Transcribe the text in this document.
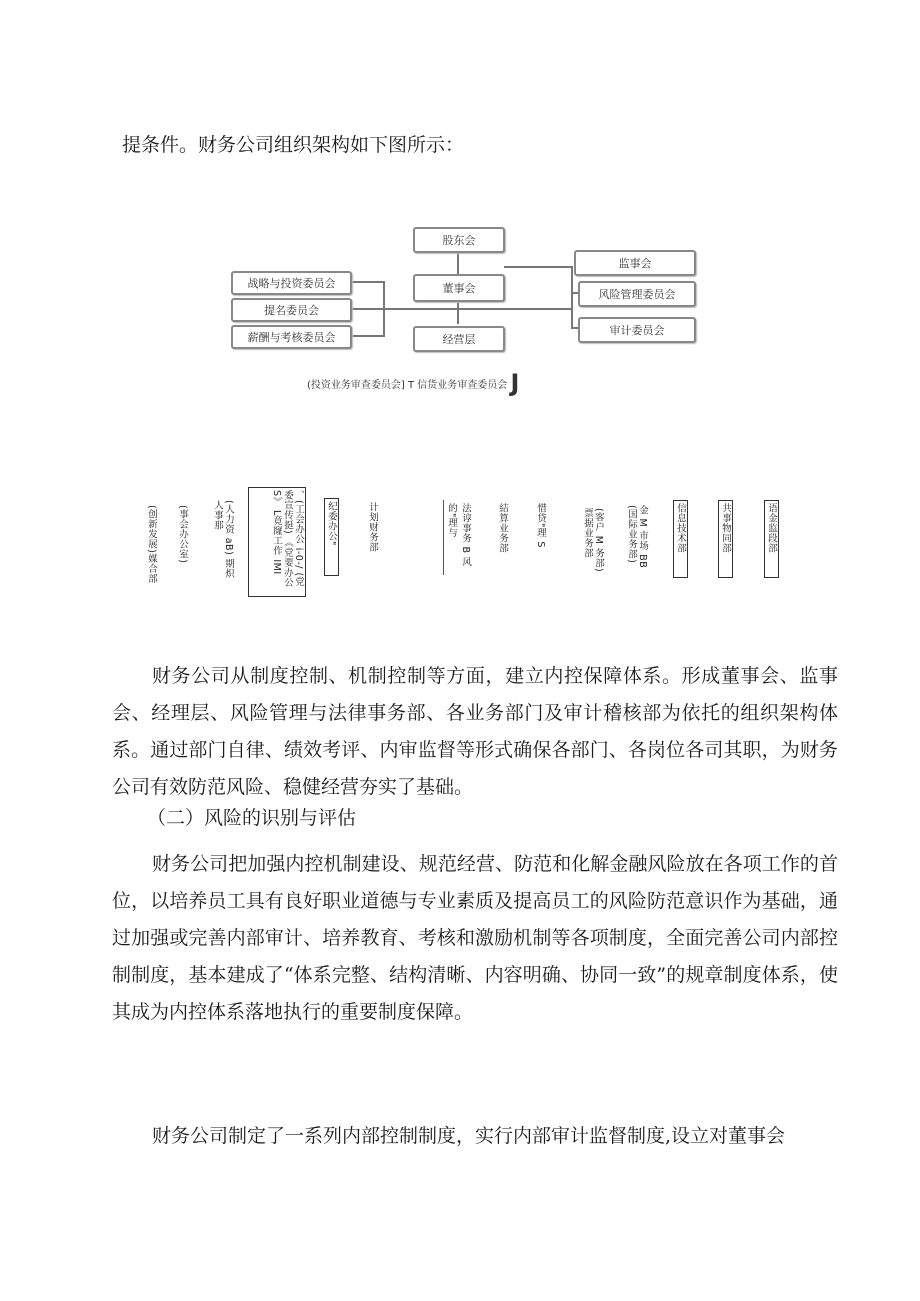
提条件。财务公司组织架构如下图所示：

股东会
监事会
董事会	风险管理委员会
审计委员会
经营层
战略与投资委员会
提名委员会
薪酬与考核委员会
(投资业务审查委员会] T 信货业务审查委员会 J
(创新发展)媒合部 (事会办公室)	(人力资 aB) 期炽人事那	、(工会办公 i-0-/ (党委宣传挺) 《党要办公 S》 L竟窿工作 IMI	纪委办公"	计划财务部	的"理与 法谆事务 B 风	結算业务部	惜贷"理 S	(客户 M 务部) 票据业务部	金 M 市场 BB (国际业务部)	信息技术部	共事物同部	语金监段部

财务公司从制度控制、机制控制等方面，建立内控保障体系。形成董事会、监事会、经理层、风险管理与法律事务部、各业务部门及审计稽核部为依托的组织架构体系。通过部门自律、绩效考评、内审监督等形式确保各部门、各岗位各司其职，为财务公司有效防范风险、稳健经营夯实了基础。

财务公司把加强内控机制建设、规范经营、防范和化解金融风险放在各项工作的首位，以培养员工具有良好职业道德与专业素质及提高员工的风险防范意识作为基础，通过加强或完善内部审计、培养教育、考核和激励机制等各项制度，全面完善公司内部控制制度，基本建成了“体系完整、结构清晰、内容明确、协同一致”的规章制度体系，使其成为内控体系落地执行的重要制度保障。

（二）风险的识别与评估

财务公司制定了一系列内部控制制度，实行内部审计监督制度,设立对董事会
